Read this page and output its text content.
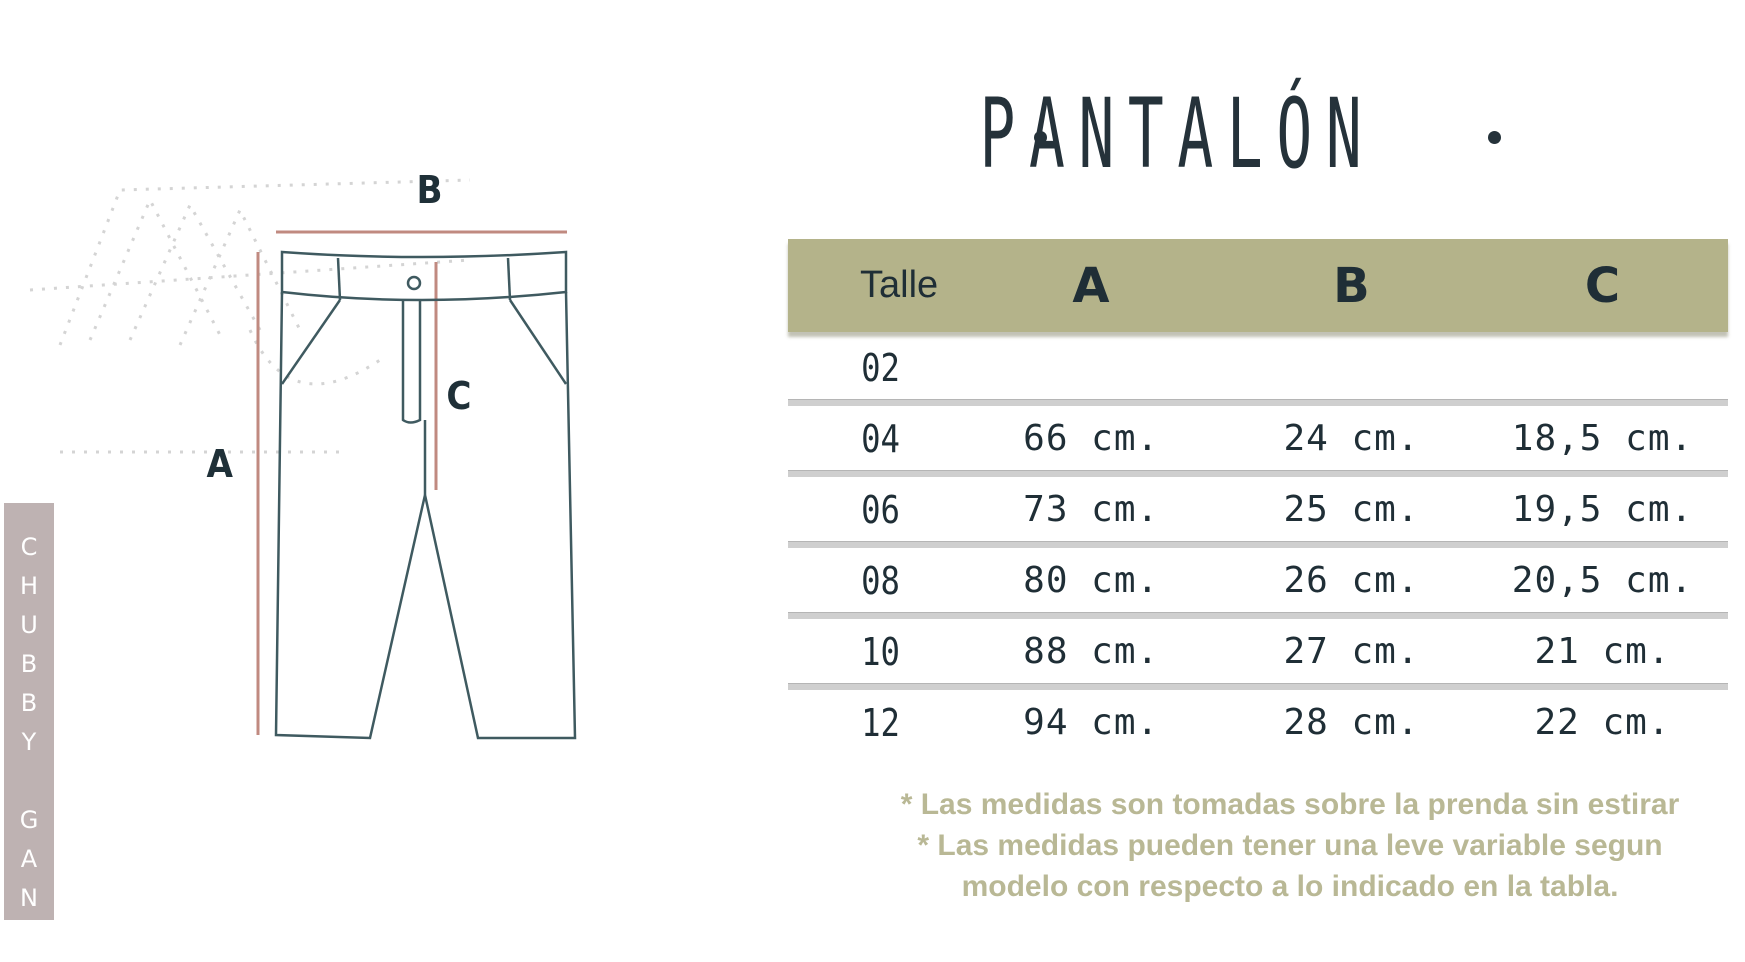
B
C
A
CHUBBY GANG
PANTALÓN
Talle	A	B	C
02
04	66 cm.	24 cm.	18,5 cm.
06	73 cm.	25 cm.	19,5 cm.
08	80 cm.	26 cm.	20,5 cm.
10	88 cm.	27 cm.	21 cm.
12	94 cm.	28 cm.	22 cm.
* Las medidas son tomadas sobre la prenda sin estirar
* Las medidas pueden tener una leve variable segun
modelo con respecto a lo indicado en la tabla.
